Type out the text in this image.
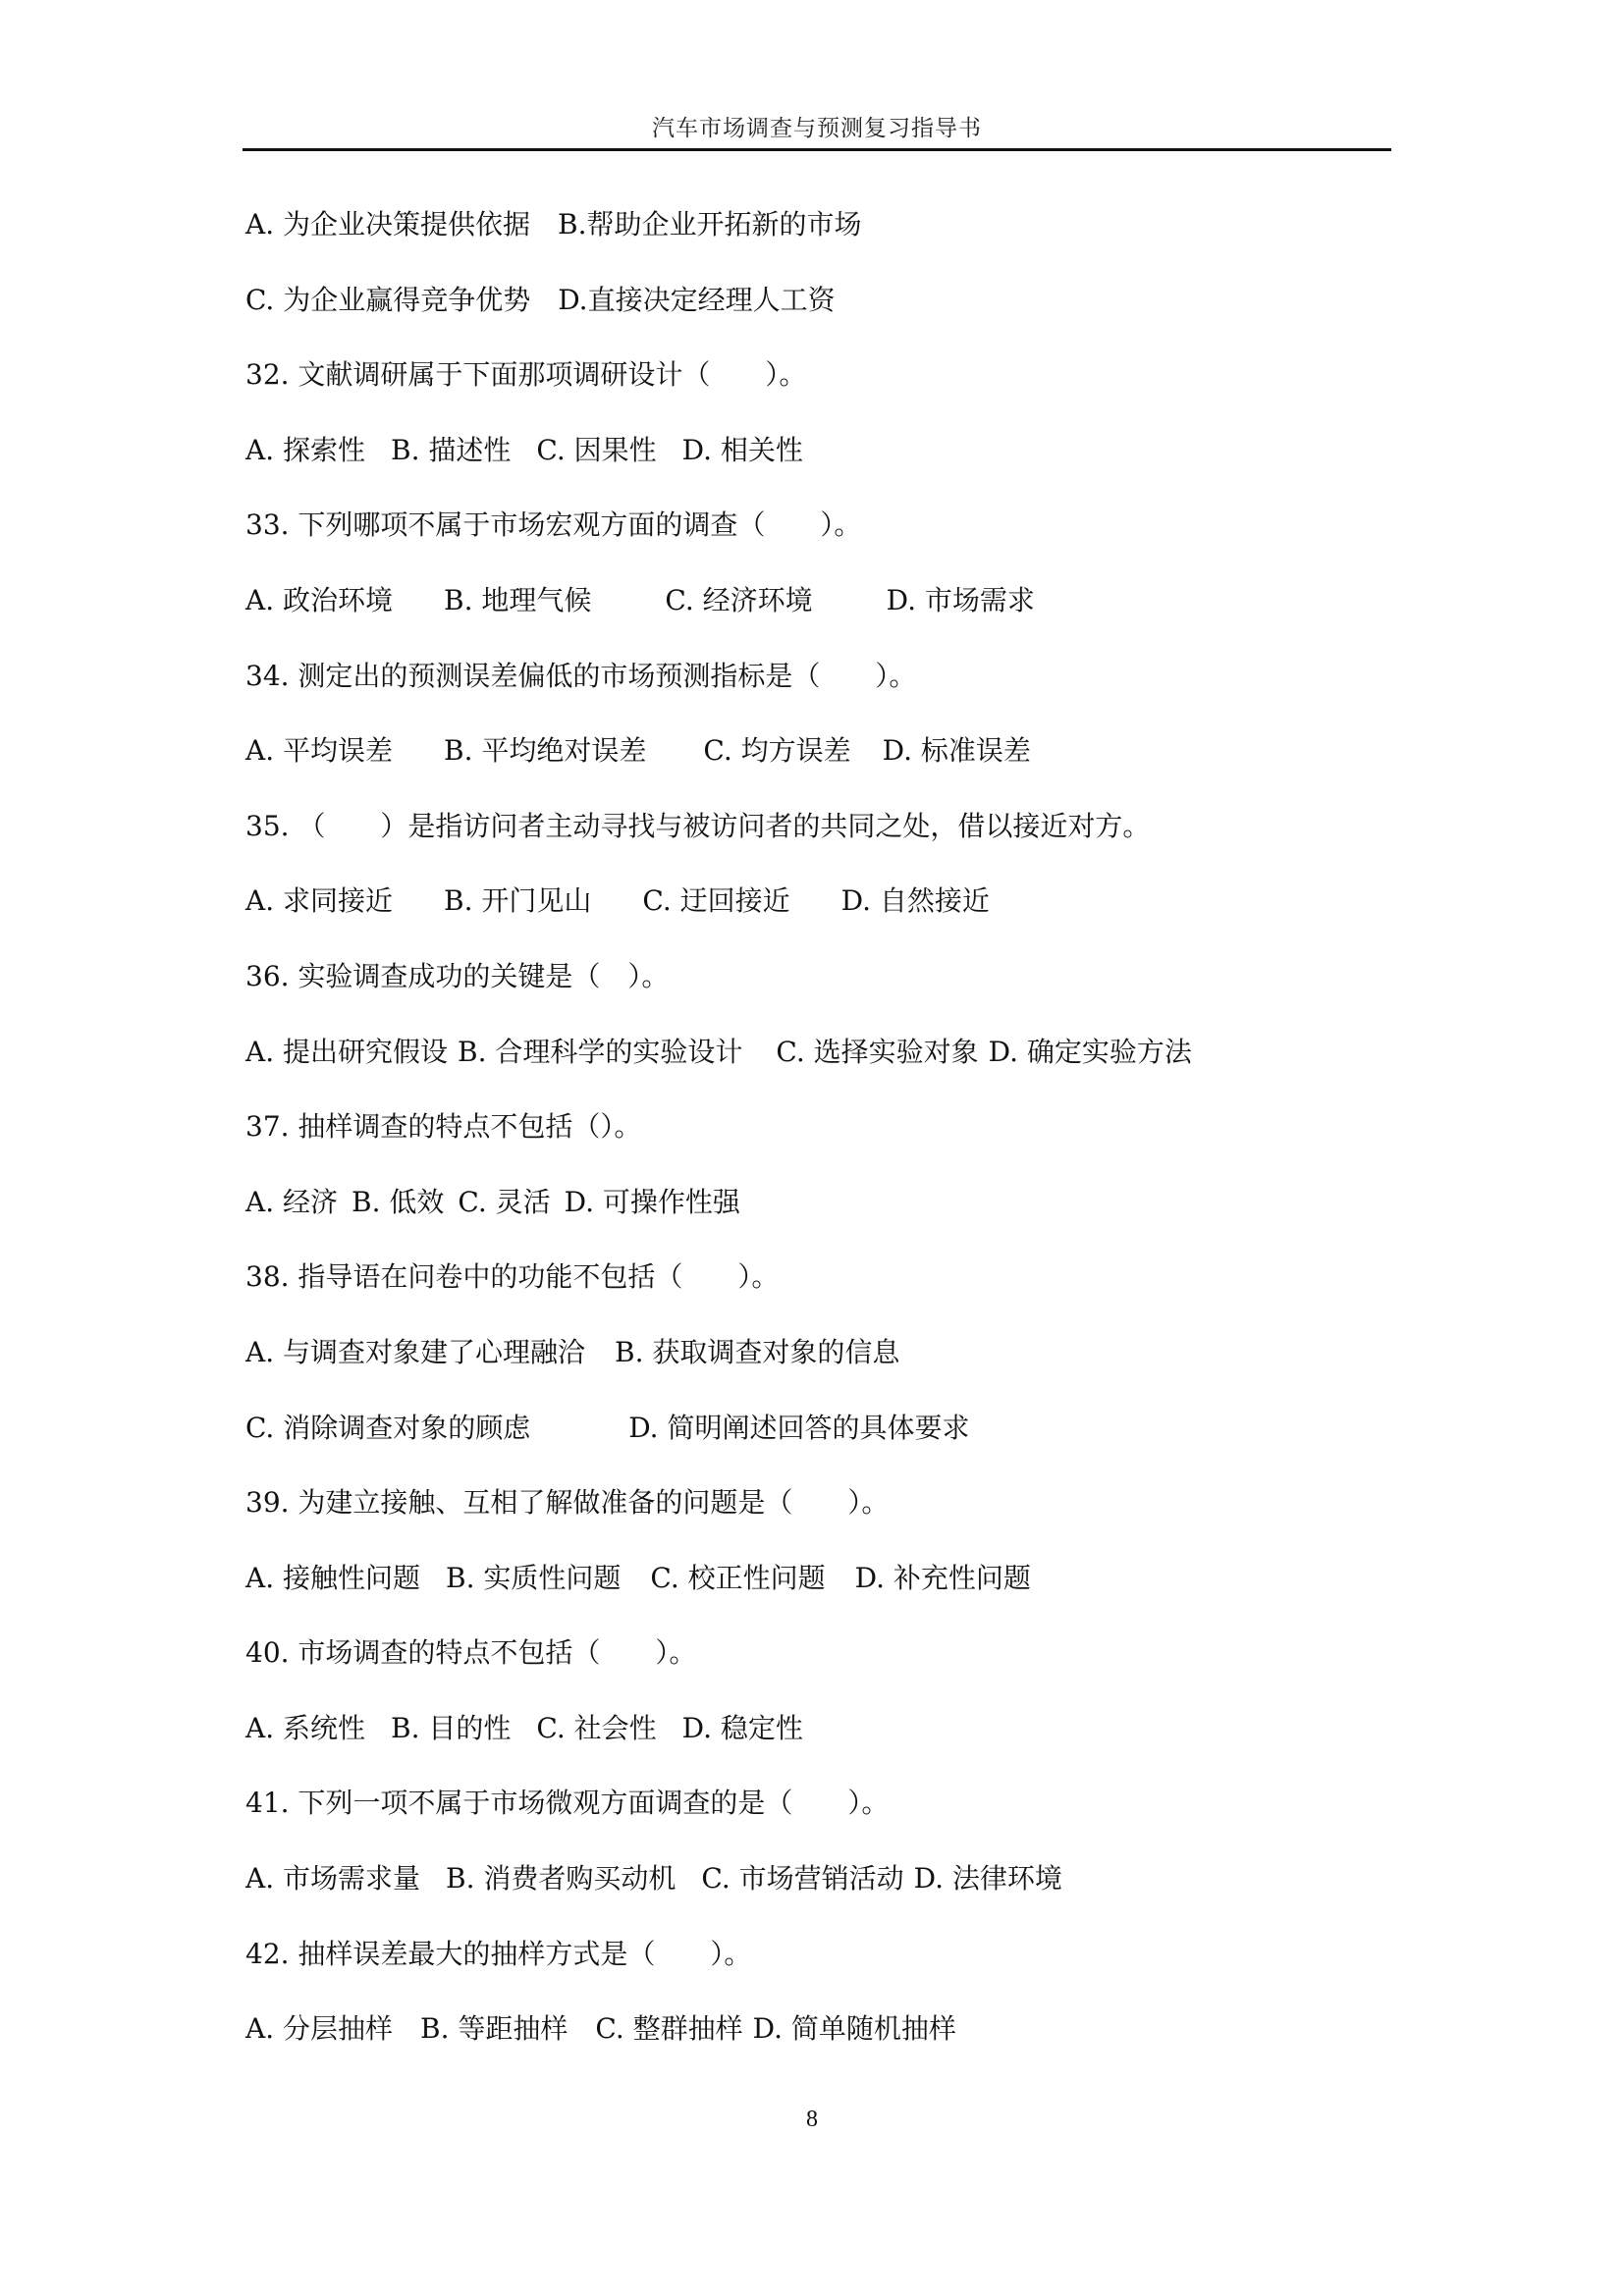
汽车市场调查与预测复习指导书
A. 为企业决策提供依据 B.帮助企业开拓新的市场
C. 为企业赢得竞争优势 D.直接决定经理人工资
32. 文献调研属于下面那项调研设计（　　）。
A. 探索性 B. 描述性 C. 因果性 D. 相关性
33. 下列哪项不属于市场宏观方面的调查（　　）。
A. 政治环境 B. 地理气候	C. 经济环境	D. 市场需求
34. 测定出的预测误差偏低的市场预测指标是（　　）。
A. 平均误差 B. 平均绝对误差 C. 均方误差 D. 标准误差
35. （　　）是指访问者主动寻找与被访问者的共同之处，借以接近对方。
A. 求同接近 B. 开门见山 C. 迂回接近 D. 自然接近
36. 实验调查成功的关键是（　）。
A. 提出研究假设 B. 合理科学的实验设计 C. 选择实验对象 D. 确定实验方法
37. 抽样调查的特点不包括（）。
A. 经济 B. 低效 C. 灵活 D. 可操作性强
38. 指导语在问卷中的功能不包括（　　）。
A. 与调查对象建了心理融洽 B. 获取调查对象的信息
C. 消除调查对象的顾虑	D. 简明阐述回答的具体要求
39. 为建立接触、互相了解做准备的问题是（　　）。
A. 接触性问题 B. 实质性问题 C. 校正性问题 D. 补充性问题
40. 市场调查的特点不包括（　　）。
A. 系统性 B. 目的性 C. 社会性 D. 稳定性
41. 下列一项不属于市场微观方面调查的是（　　）。
A. 市场需求量 B. 消费者购买动机 C. 市场营销活动 D. 法律环境
42. 抽样误差最大的抽样方式是（　　）。
A. 分层抽样 B. 等距抽样 C. 整群抽样 D. 简单随机抽样
8
